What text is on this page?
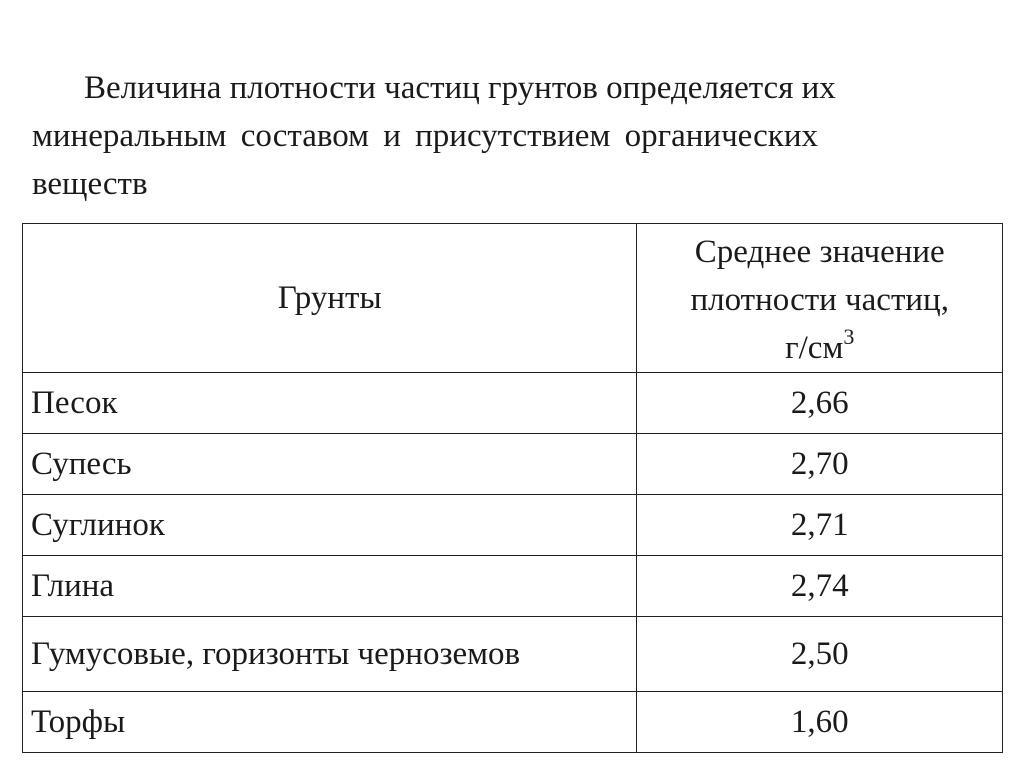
Величина плотности частиц грунтов определяется их
минеральным составом и присутствием органических
веществ

Грунты	Среднее значение
плотности частиц,
$г/см^3$

Песок	2,66
Супесь	2,70
Суглинок	2,71
Глина	2,74
Гумусовые, горизонты черноземов	2,50
Торфы	1,60
